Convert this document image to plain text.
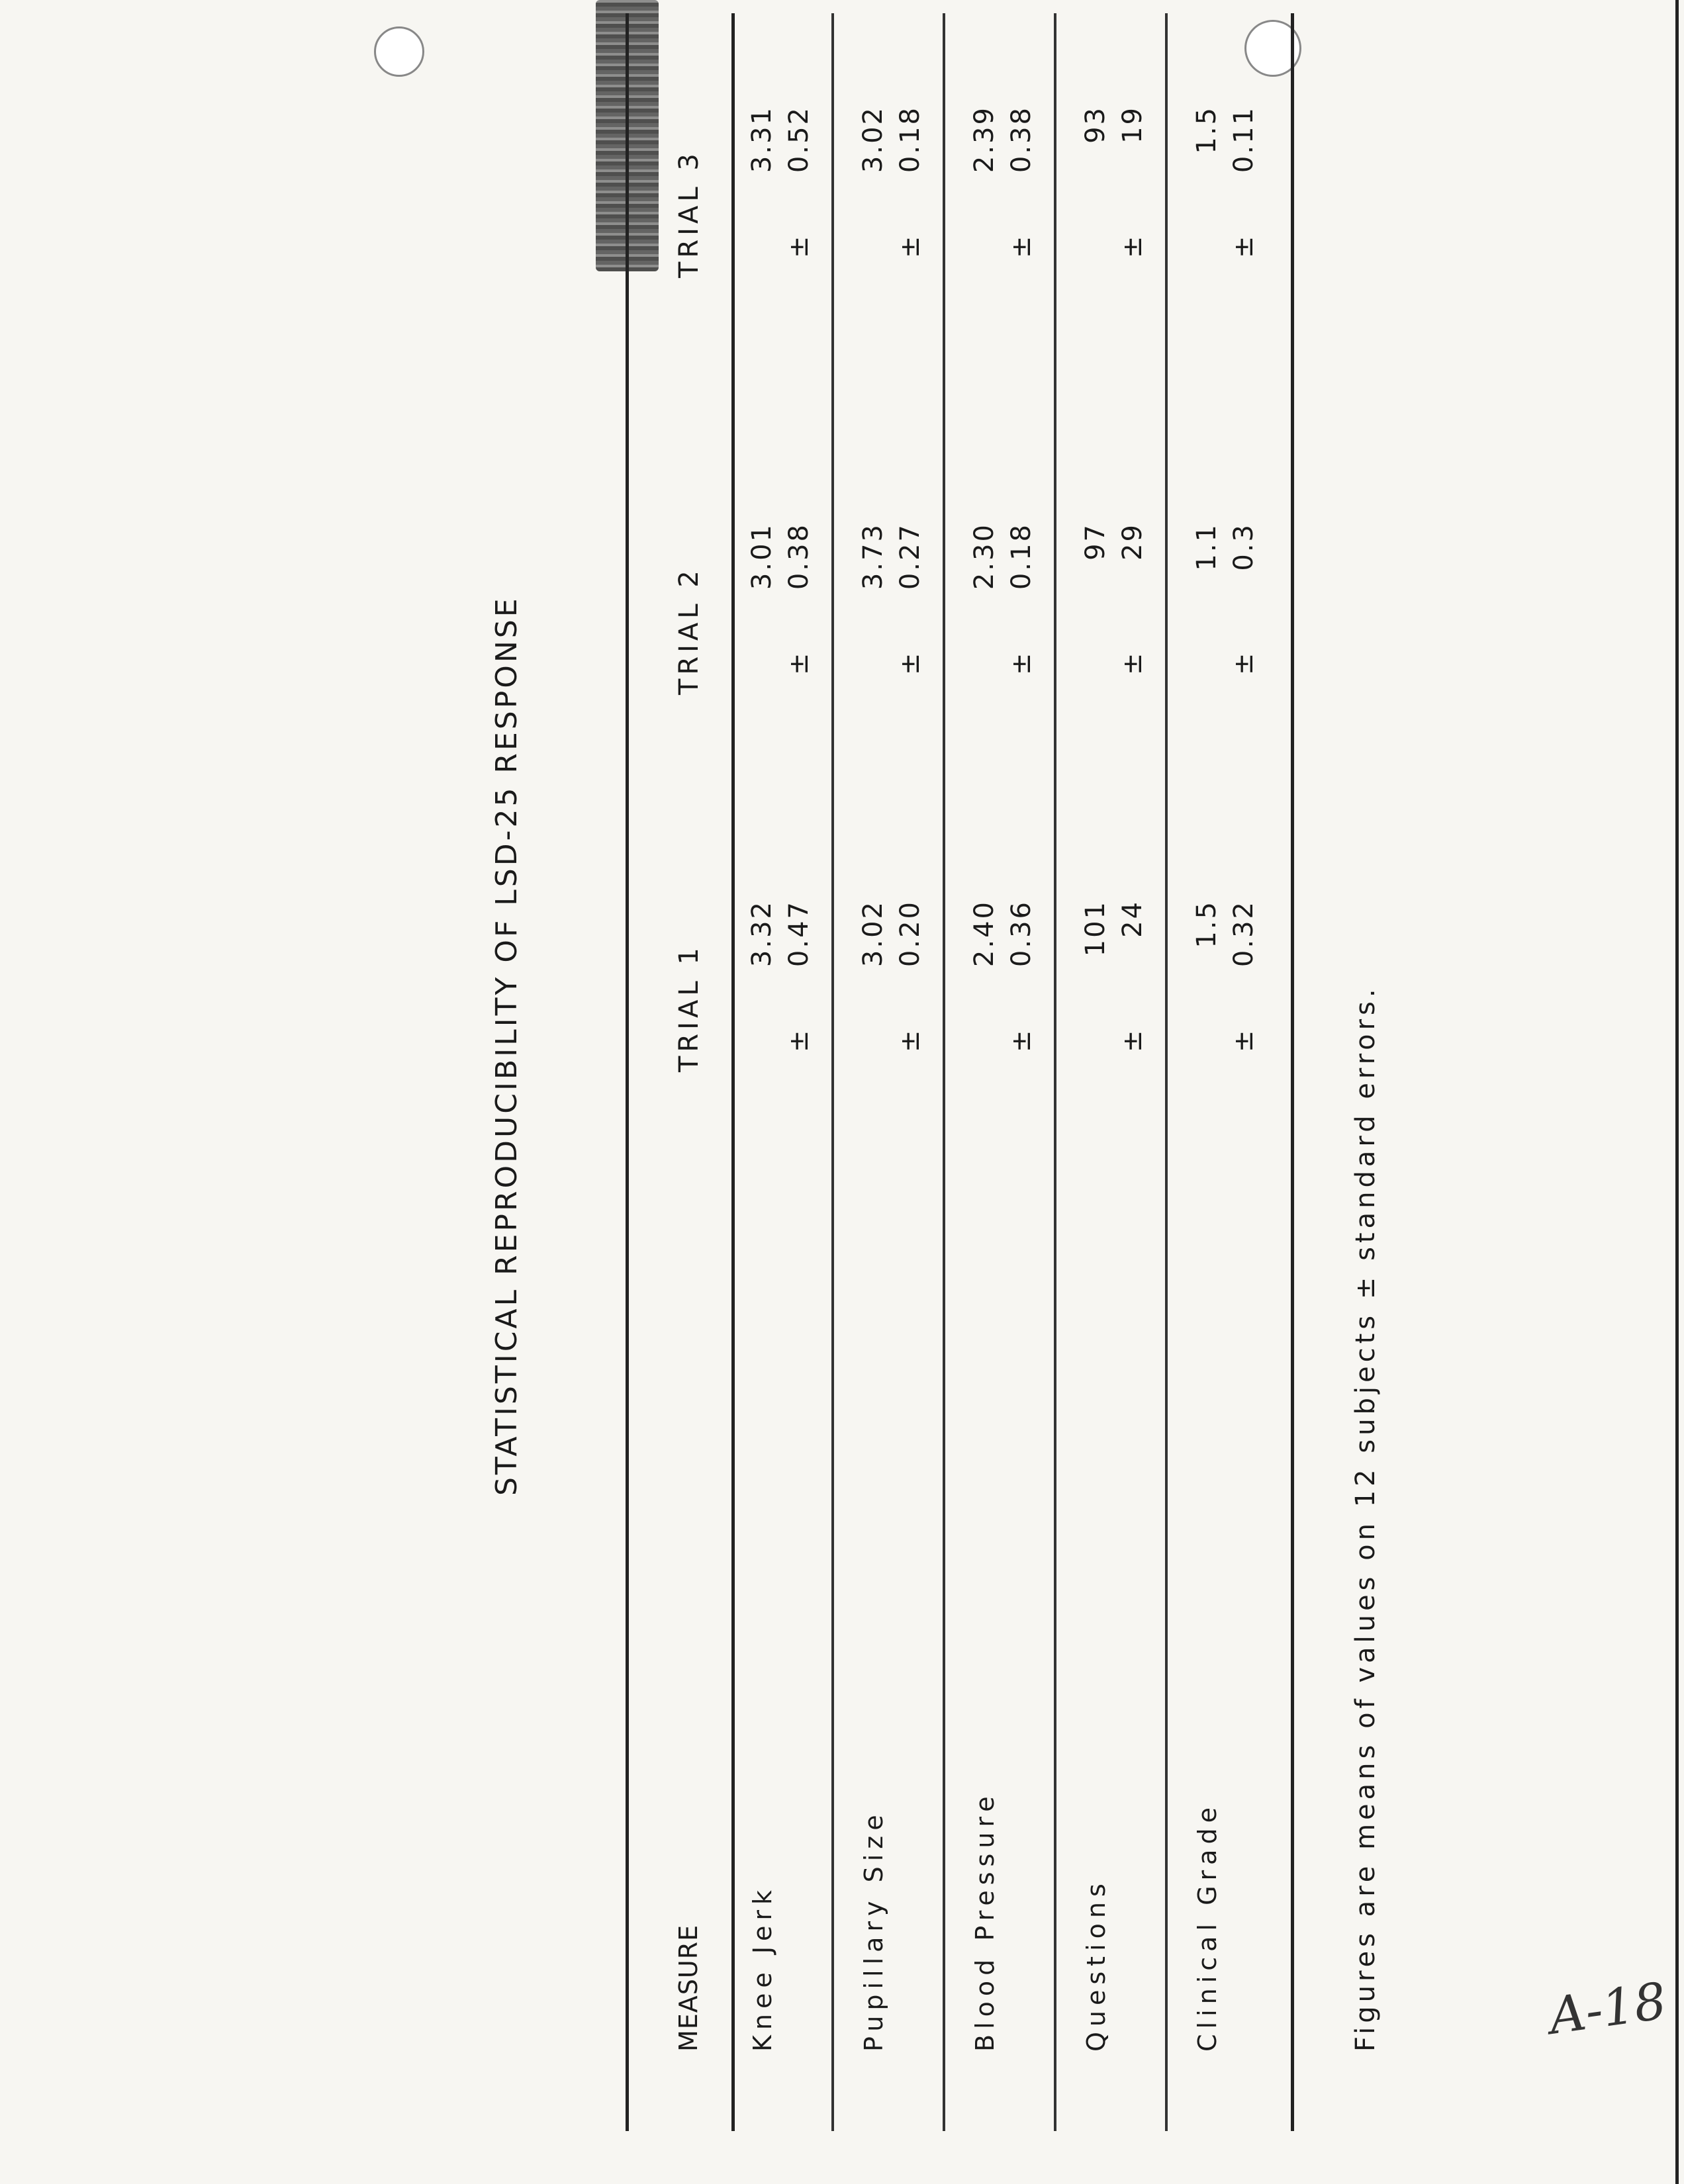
STATISTICAL REPRODUCIBILITY OF LSD-25 RESPONSE
MEASURE
TRIAL 1
TRIAL 2
TRIAL 3
Knee Jerk
3.32
±
0.47
3.01
±
0.38
3.31
±
0.52
Pupillary Size
3.02
±
0.20
3.73
±
0.27
3.02
±
0.18
Blood Pressure
2.40
±
0.36
2.30
±
0.18
2.39
±
0.38
Questions
101
±
24
97
±
29
93
±
19
Clinical Grade
1.5
±
0.32
1.1
±
0.3
1.5
±
0.11
Figures are means of values on 12 subjects ± standard errors.	A-18
